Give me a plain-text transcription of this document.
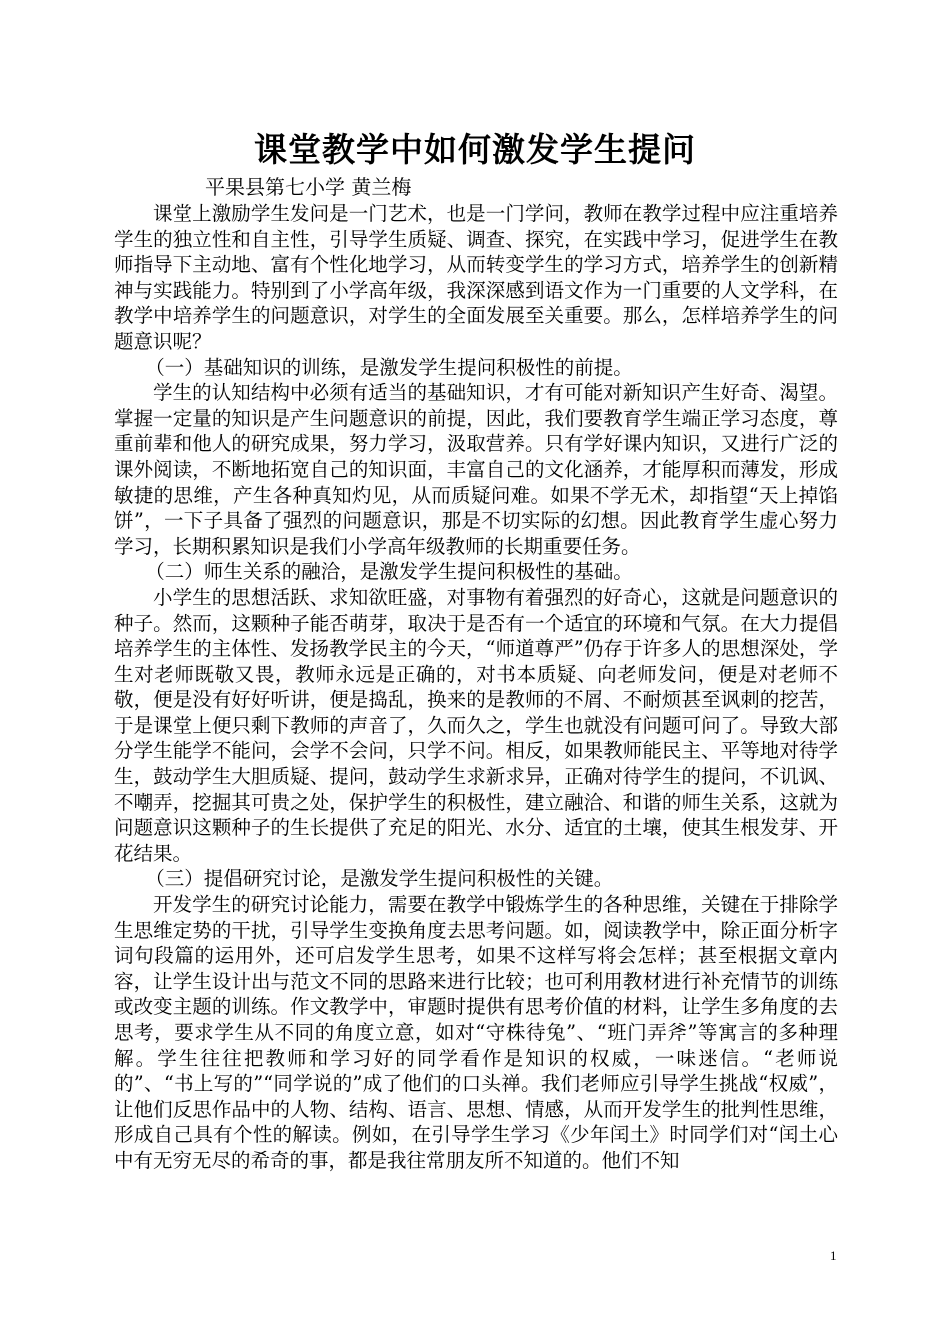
课堂教学中如何激发学生提问
平果县第七小学 黄兰梅

课堂上激励学生发问是一门艺术，也是一门学问，教师在教学过程中应注重培养学生的独立性和自主性，引导学生质疑、调查、探究，在实践中学习，促进学生在教师指导下主动地、富有个性化地学习，从而转变学生的学习方式，培养学生的创新精神与实践能力。特别到了小学高年级，我深深感到语文作为一门重要的人文学科，在教学中培养学生的问题意识，对学生的全面发展至关重要。那么，怎样培养学生的问题意识呢？

（一）基础知识的训练，是激发学生提问积极性的前提。

学生的认知结构中必须有适当的基础知识，才有可能对新知识产生好奇、渴望。掌握一定量的知识是产生问题意识的前提，因此，我们要教育学生端正学习态度，尊重前辈和他人的研究成果，努力学习，汲取营养。只有学好课内知识，又进行广泛的课外阅读，不断地拓宽自己的知识面，丰富自己的文化涵养，才能厚积而薄发，形成敏捷的思维，产生各种真知灼见，从而质疑问难。如果不学无术，却指望“天上掉馅饼”，一下子具备了强烈的问题意识，那是不切实际的幻想。因此教育学生虚心努力学习，长期积累知识是我们小学高年级教师的长期重要任务。

（二）师生关系的融洽，是激发学生提问积极性的基础。

小学生的思想活跃、求知欲旺盛，对事物有着强烈的好奇心，这就是问题意识的种子。然而，这颗种子能否萌芽，取决于是否有一个适宜的环境和气氛。在大力提倡培养学生的主体性、发扬教学民主的今天，“师道尊严”仍存于许多人的思想深处，学生对老师既敬又畏，教师永远是正确的，对书本质疑、向老师发问，便是对老师不敬，便是没有好好听讲，便是捣乱，换来的是教师的不屑、不耐烦甚至讽刺的挖苦，于是课堂上便只剩下教师的声音了，久而久之，学生也就没有问题可问了。导致大部分学生能学不能问，会学不会问，只学不问。相反，如果教师能民主、平等地对待学生，鼓动学生大胆质疑、提问，鼓动学生求新求异，正确对待学生的提问，不讥讽、不嘲弄，挖掘其可贵之处，保护学生的积极性，建立融洽、和谐的师生关系，这就为问题意识这颗种子的生长提供了充足的阳光、水分、适宜的土壤，使其生根发芽、开花结果。

（三）提倡研究讨论，是激发学生提问积极性的关键。

开发学生的研究讨论能力，需要在教学中锻炼学生的各种思维，关键在于排除学生思维定势的干扰，引导学生变换角度去思考问题。如，阅读教学中，除正面分析字词句段篇的运用外，还可启发学生思考，如果不这样写将会怎样；甚至根据文章内容，让学生设计出与范文不同的思路来进行比较；也可利用教材进行补充情节的训练或改变主题的训练。作文教学中，审题时提供有思考价值的材料，让学生多角度的去思考，要求学生从不同的角度立意，如对“守株待兔”、“班门弄斧”等寓言的多种理解。学生往往把教师和学习好的同学看作是知识的权威，一味迷信。“老师说的”、“书上写的”“同学说的”成了他们的口头禅。我们老师应引导学生挑战“权威”，让他们反思作品中的人物、结构、语言、思想、情感，从而开发学生的批判性思维，形成自己具有个性的解读。例如，在引导学生学习《少年闰土》时同学们对“闰土心中有无穷无尽的希奇的事，都是我往常朋友所不知道的。他们不知

1
